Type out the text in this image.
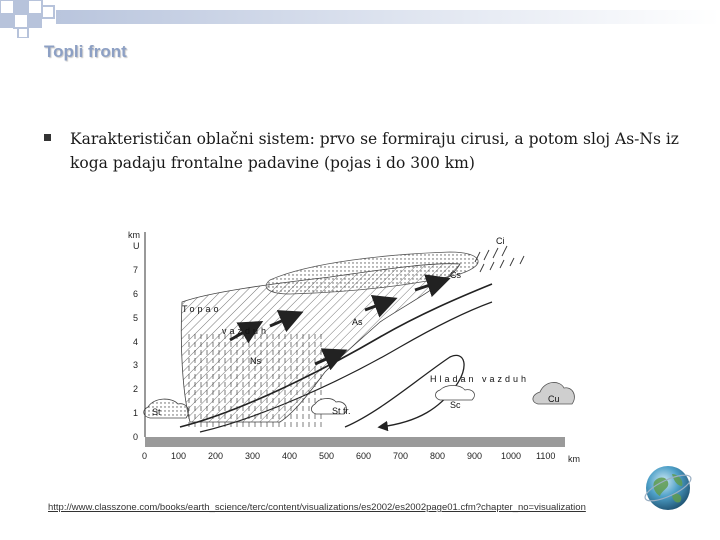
Topli front
Karakterističan oblačni sistem: prvo se formiraju cirusi, a potom sloj As-Ns iz koga padaju frontalne padavine (pojas i do 300 km)
km
U
7
6
5
4
3
2
1
0
0	100 200 300 400 500 600 700 800 900 1000 1100 km
Ci
Cs
As
Ns
Topao
vazduh
Hladan vazduh
St	St fr.
Sc
Cu
http://www.classzone.com/books/earth_science/terc/content/visualizations/es2002/es2002page01.cfm?chapter_no=visualization
